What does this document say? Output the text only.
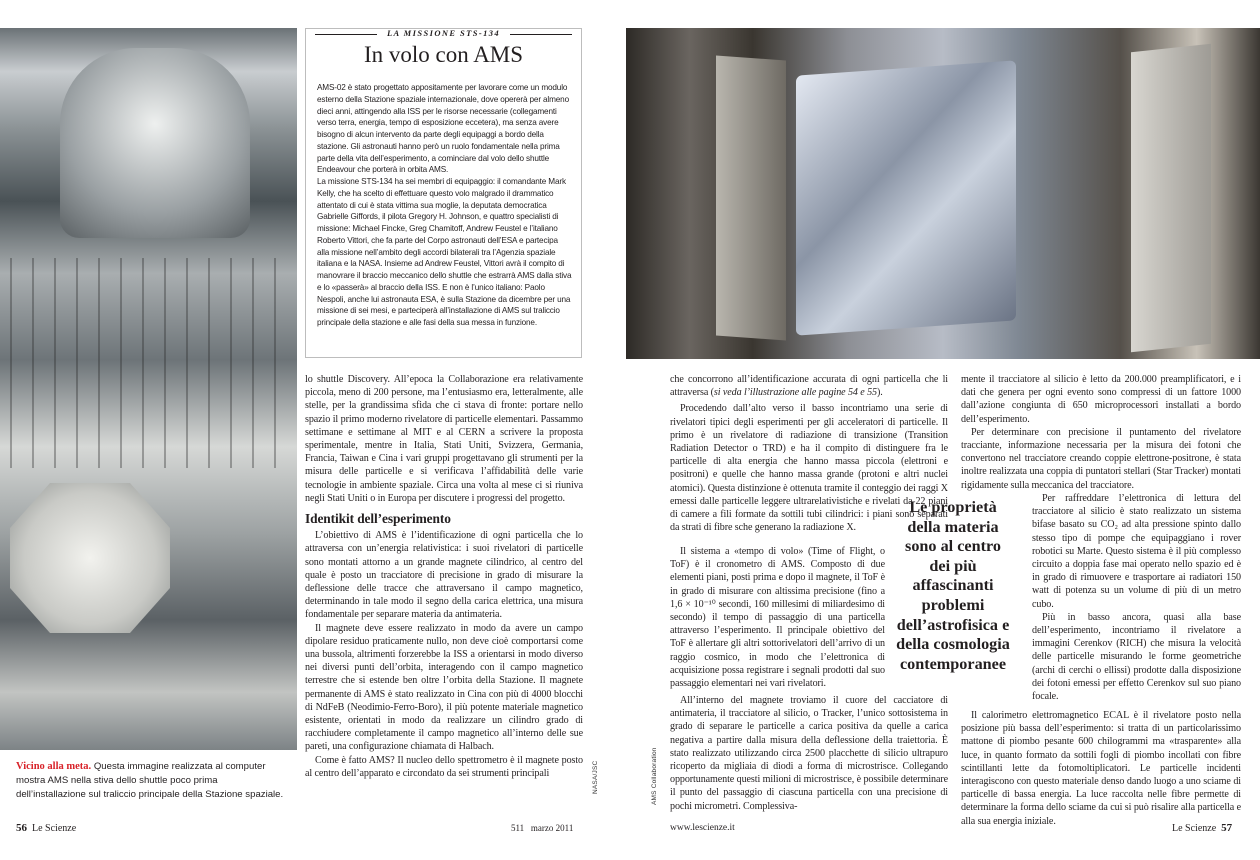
LA MISSIONE STS-134
In volo con AMS

AMS-02 è stato progettato appositamente per lavorare come un modulo esterno della Stazione spaziale internazionale, dove opererà per almeno dieci anni, attingendo alla ISS per le risorse necessarie (collegamenti verso terra, energia, tempo di esposizione eccetera), ma senza avere bisogno di alcun intervento da parte degli equipaggi a bordo della stazione. Gli astronauti hanno però un ruolo fondamentale nella prima parte della vita dell’esperimento, a cominciare dal volo dello shuttle Endeavour che porterà in orbita AMS.

La missione STS-134 ha sei membri di equipaggio: il comandante Mark Kelly, che ha scelto di effettuare questo volo malgrado il drammatico attentato di cui è stata vittima sua moglie, la deputata democratica Gabrielle Giffords, il pilota Gregory H. Johnson, e quattro specialisti di missione: Michael Fincke, Greg Chamitoff, Andrew Feustel e l’italiano Roberto Vittori, che fa parte del Corpo astronauti dell’ESA e partecipa alla missione nell’ambito degli accordi bilaterali tra l’Agenzia spaziale italiana e la NASA. Insieme ad Andrew Feustel, Vittori avrà il compito di manovrare il braccio meccanico dello shuttle che estrarrà AMS dalla stiva e lo «passerà» al braccio della ISS. E non è l’unico italiano: Paolo Nespoli, anche lui astronauta ESA, è sulla Stazione da dicembre per una missione di sei mesi, e parteciperà all’installazione di AMS sul traliccio principale della stazione e alle fasi della sua messa in funzione.

Vicino alla meta. Questa immagine realizzata al computer mostra AMS nella stiva dello shuttle poco prima dell’installazione sul traliccio principale della Stazione spaziale.

lo shuttle Discovery. All’epoca la Collaborazione era relativamente piccola, meno di 200 persone, ma l’entusiasmo era, letteralmente, alle stelle, per la grandissima sfida che ci stava di fronte: portare nello spazio il primo moderno rivelatore di particelle elementari. Passammo settimane e settimane al MIT e al CERN a scrivere la proposta sperimentale, mentre in Italia, Stati Uniti, Svizzera, Germania, Francia, Taiwan e Cina i vari gruppi progettavano gli strumenti per la misura delle particelle e si verificava l’affidabilità delle varie tecnologie in ambiente spaziale. Circa una volta al mese ci si riuniva negli Stati Uniti o in Europa per discutere i progressi del progetto.

Identikit dell’esperimento

L’obiettivo di AMS è l’identificazione di ogni particella che lo attraversa con un’energia relativistica: i suoi rivelatori di particelle sono montati attorno a un grande magnete cilindrico, al centro del quale è posto un tracciatore di precisione in grado di misurare la deflessione delle tracce che attraversano il campo magnetico, determinando in tale modo il segno della carica elettrica, una misura fondamentale per separare materia da antimateria.

Il magnete deve essere realizzato in modo da avere un campo dipolare residuo praticamente nullo, non deve cioè comportarsi come una bussola, altrimenti forzerebbe la ISS a orientarsi in modo diverso nei diversi punti dell’orbita, interagendo con il campo magnetico terrestre che si estende ben oltre l’orbita della Stazione. Il magnete permanente di AMS è stato realizzato in Cina con più di 4000 blocchi di NdFeB (Neodimio-Ferro-Boro), il più potente materiale magnetico esistente, orientati in modo da realizzare un cilindro grado di racchiudere completamente il campo magnetico all’interno delle sue pareti, una configurazione chiamata di Halbach.

Come è fatto AMS? Il nucleo dello spettrometro è il magnete posto al centro dell’apparato e circondato da sei strumenti principali	NASA/JSC
56 Le Scienze	511 marzo 2011
AMS Collaboration

che concorrono all’identificazione accurata di ogni particella che li attraversa (si veda l’illustrazione alle pagine 54 e 55).

Procedendo dall’alto verso il basso incontriamo una serie di rivelatori tipici degli esperimenti per gli acceleratori di particelle. Il primo è un rivelatore di radiazione di transizione (Transition Radiation Detector o TRD) e ha il compito di distinguere fra le particelle di alta energia che hanno massa piccola (elettroni e positroni) e quelle che hanno massa grande (protoni e altri nuclei atomici). Questa distinzione è ottenuta tramite il conteggio dei raggi X emessi dalle particelle leggere ultrarelativistiche e rivelati da 22 piani di camere a fili formate da sottili tubi cilindrici: i piani sono separati da strati di fibre sche generano la radiazione X.

Il sistema a «tempo di volo» (Time of Flight, o ToF) è il cronometro di AMS. Composto di due elementi piani, posti prima e dopo il magnete, il ToF è in grado di misurare con altissima precisione (fino a 1,6 × 10⁻¹⁰ secondi, 160 millesimi di miliardesimo di secondo) il tempo di passaggio di una particella attraverso l’esperimento. Il principale obiettivo del ToF è allertare gli altri sottorivelatori dell’arrivo di un raggio cosmico, in modo che l’elettronica di acquisizione possa registrare i segnali prodotti dal suo passaggio elementari nei vari rivelatori.

All’interno del magnete troviamo il cuore del cacciatore di antimateria, il tracciatore al silicio, o Tracker, l’unico sottosistema in grado di separare le particelle a carica positiva da quelle a carica negativa a partire dalla misura della deflessione della traiettoria. È stato realizzato utilizzando circa 2500 placchette di silicio ultrapuro ricoperto da migliaia di diodi a forma di microstrisce. Collegando opportunamente questi milioni di microstrisce, è possibile determinare il punto del passaggio di ciascuna particella con una precisione di pochi micrometri. Complessiva-

Le proprietà della materia sono al centro dei più affascinanti problemi dell’astrofisica e della cosmologia contemporanee

mente il tracciatore al silicio è letto da 200.000 preamplificatori, e i dati che genera per ogni evento sono compressi di un fattore 1000 dall’azione congiunta di 650 microprocessori installati a bordo dell’esperimento.

Per determinare con precisione il puntamento del rivelatore tracciante, informazione necessaria per la misura dei fotoni che convertono nel tracciatore creando coppie elettrone-positrone, è stata inoltre realizzata una coppia di puntatori stellari (Star Tracker) montati rigidamente sulla meccanica del tracciatore.

Per raffreddare l’elettronica di lettura del tracciatore al silicio è stato realizzato un sistema bifase basato su CO₂ ad alta pressione spinto dallo stesso tipo di pompe che equipaggiano i rover robotici su Marte. Questo sistema è il più complesso circuito a doppia fase mai operato nello spazio ed è in grado di rimuovere e trasportare ai radiatori 150 watt di potenza su un volume di più di un metro cubo.

Più in basso ancora, quasi alla base dell’esperimento, incontriamo il rivelatore a immagini Cerenkov (RICH) che misura la velocità delle particelle misurando le forme geometriche (archi di cerchi o ellissi) prodotte dalla disposizione dei fotoni emessi per effetto Cerenkov sul suo piano focale.

Il calorimetro elettromagnetico ECAL è il rivelatore posto nella posizione più bassa dell’esperimento: si tratta di un particolarissimo mattone di piombo pesante 600 chilogrammi ma «trasparente» alla luce, in quanto formato da sottili fogli di piombo incollati con fibre scintillanti lette da fotomoltiplicatori. Le particelle incidenti interagiscono con questo materiale denso dando luogo a uno sciame di particelle di bassa energia. La luce raccolta nelle fibre permette di determinare la forma dello sciame da cui si può risalire alla particella e alla sua energia iniziale.

www.lescienze.it	Le Scienze 57
